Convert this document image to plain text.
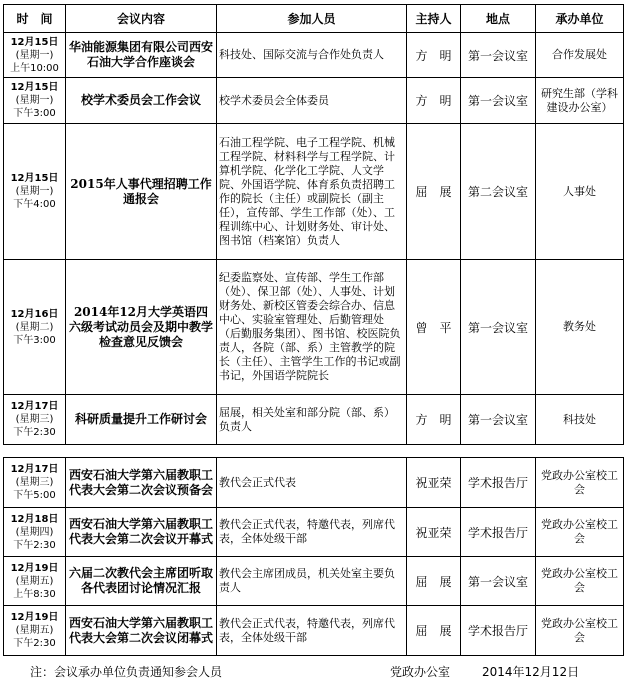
时　间	会议内容	参加人员	主持人	地点	承办单位

12月15日
(星期一)
上午10:00	华油能源集团有限公司西安石油大学合作座谈会	科技处、国际交流与合作处负责人	方　明	第一会议室	合作发展处

12月15日
(星期一)
下午3:00	校学术委员会工作会议	校学术委员会全体委员	方　明	第一会议室	研究生部（学科建设办公室）

12月15日
(星期一)
下午4:00	2015年人事代理招聘工作通报会	石油工程学院、电子工程学院、机械工程学院、材料科学与工程学院、计算机学院、化学化工学院、人文学院、外国语学院、体育系负责招聘工作的院长（主任）或副院长（副主任），宣传部、学生工作部（处）、工程训练中心、计划财务处、审计处、图书馆（档案馆）负责人	屈　展	第二会议室	人事处

12月16日
(星期二)
下午3:00	2014年12月大学英语四六级考试动员会及期中教学检查意见反馈会	纪委监察处、宣传部、学生工作部（处）、保卫部（处）、人事处、计划财务处、新校区管委会综合办、信息中心、实验室管理处、后勤管理处（后勤服务集团）、图书馆、校医院负责人，各院（部、系）主管教学的院长（主任）、主管学生工作的书记或副书记，外国语学院院长	曾　平	第一会议室	教务处

12月17日
(星期三)
下午2:30	科研质量提升工作研讨会	屈展，相关处室和部分院（部、系）负责人	方　明	第一会议室	科技处
12月17日
(星期三)
下午5:00	西安石油大学第六届教职工代表大会第二次会议预备会	教代会正式代表	祝亚荣	学术报告厅	党政办公室校工会

12月18日
(星期四)
下午2:30	西安石油大学第六届教职工代表大会第二次会议开幕式	教代会正式代表，特邀代表，列席代表，全体处级干部	祝亚荣	学术报告厅	党政办公室校工会

12月19日
(星期五)
上午8:30	六届二次教代会主席团听取各代表团讨论情况汇报	教代会主席团成员，机关处室主要负责人	屈　展	第一会议室	党政办公室校工会

12月19日
(星期五)
下午2:30	西安石油大学第六届教职工代表大会第二次会议闭幕式	教代会正式代表，特邀代表，列席代表，全体处级干部	屈　展	学术报告厅	党政办公室校工会
注：会议承办单位负责通知参会人员	党政办公室	2014年12月12日
